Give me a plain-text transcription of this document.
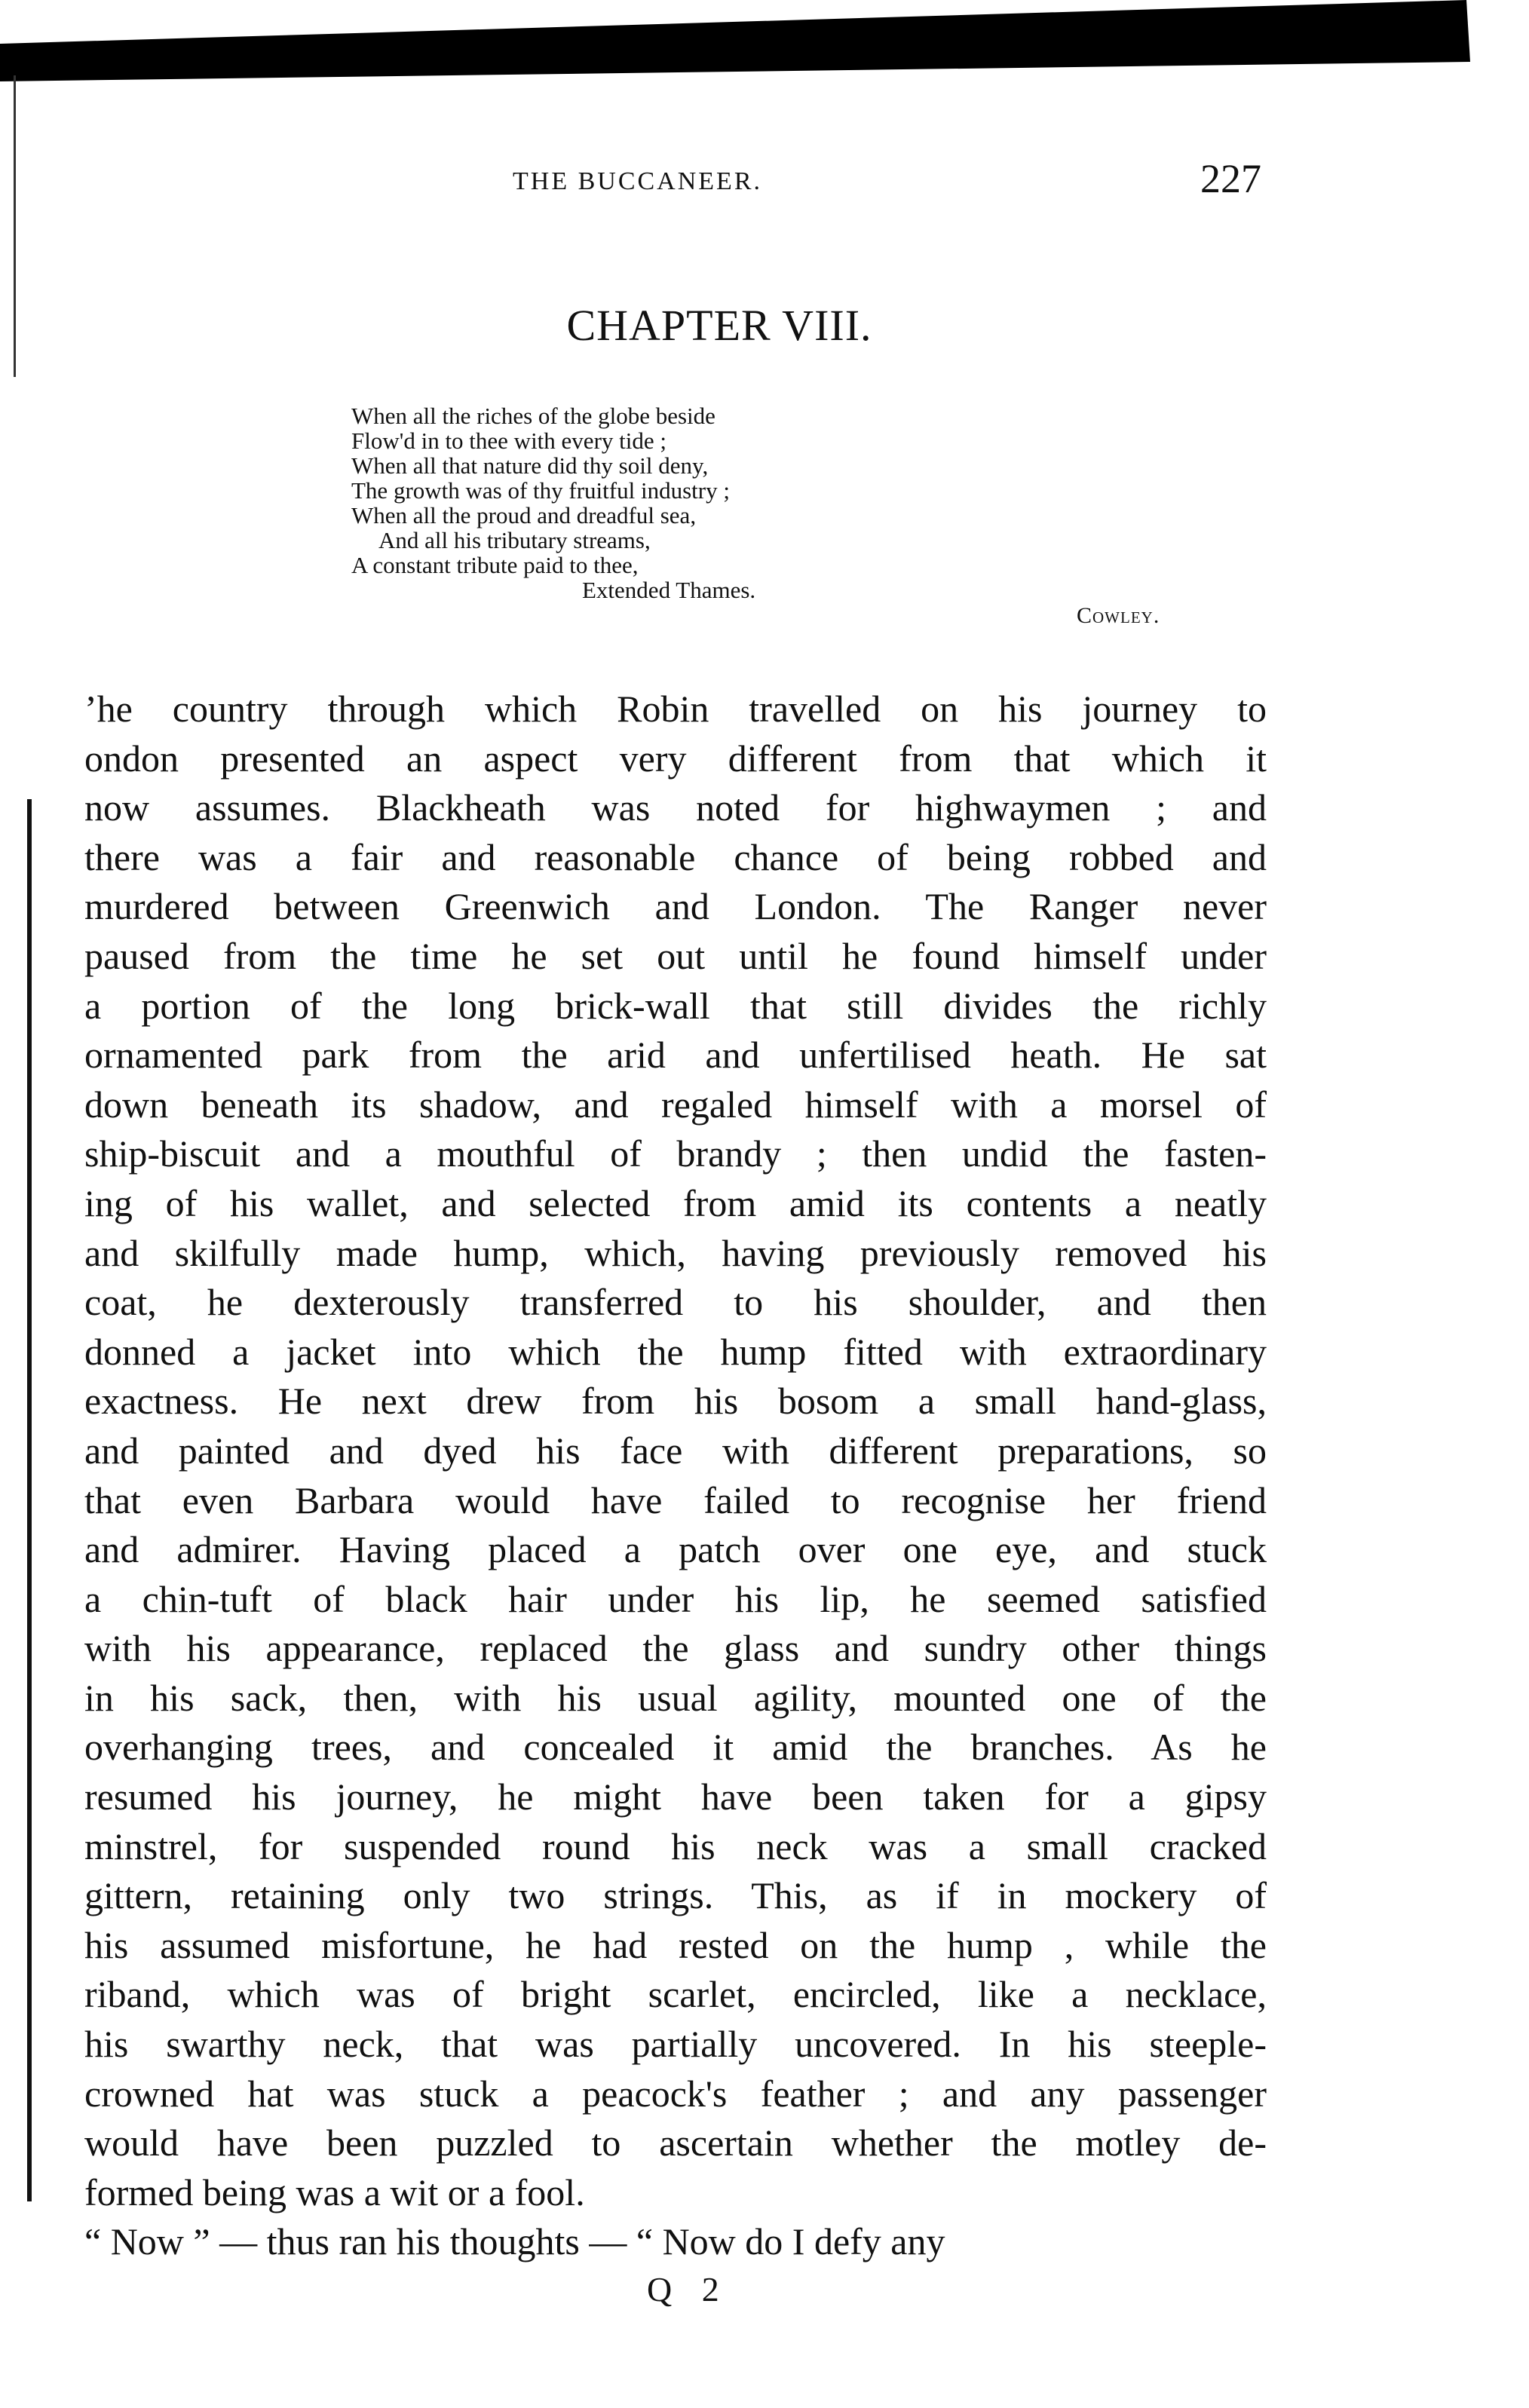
THE BUCCANEER.	227
CHAPTER VIII.
When all the riches of the globe beside
Flow'd in to thee with every tide ;
When all that nature did thy soil deny,
The growth was of thy fruitful industry ;
When all the proud and dreadful sea,
And all his tributary streams,
A constant tribute paid to thee,
Extended Thames.
Cowley.
ʼhe country through which Robin travelled on his journey to
ondon presented an aspect very different from that which it
now assumes. Blackheath was noted for highwaymen ; and
there was a fair and reasonable chance of being robbed and
murdered between Greenwich and London. The Ranger never
paused from the time he set out until he found himself under
a portion of the long brick-wall that still divides the richly
ornamented park from the arid and unfertilised heath. He sat
down beneath its shadow, and regaled himself with a morsel of
ship-biscuit and a mouthful of brandy ; then undid the fasten-
ing of his wallet, and selected from amid its contents a neatly
and skilfully made hump, which, having previously removed his
coat, he dexterously transferred to his shoulder, and then
donned a jacket into which the hump fitted with extraordinary
exactness. He next drew from his bosom a small hand-glass,
and painted and dyed his face with different preparations, so
that even Barbara would have failed to recognise her friend
and admirer. Having placed a patch over one eye, and stuck
a chin-tuft of black hair under his lip, he seemed satisfied
with his appearance, replaced the glass and sundry other things
in his sack, then, with his usual agility, mounted one of the
overhanging trees, and concealed it amid the branches. As he
resumed his journey, he might have been taken for a gipsy
minstrel, for suspended round his neck was a small cracked
gittern, retaining only two strings. This, as if in mockery of
his assumed misfortune, he had rested on the hump , while the
riband, which was of bright scarlet, encircled, like a necklace,
his swarthy neck, that was partially uncovered. In his steeple-
crowned hat was stuck a peacock's feather ; and any passenger
would have been puzzled to ascertain whether the motley de-
formed being was a wit or a fool.
“ Now ” — thus ran his thoughts — “ Now do I defy any
Q 2
